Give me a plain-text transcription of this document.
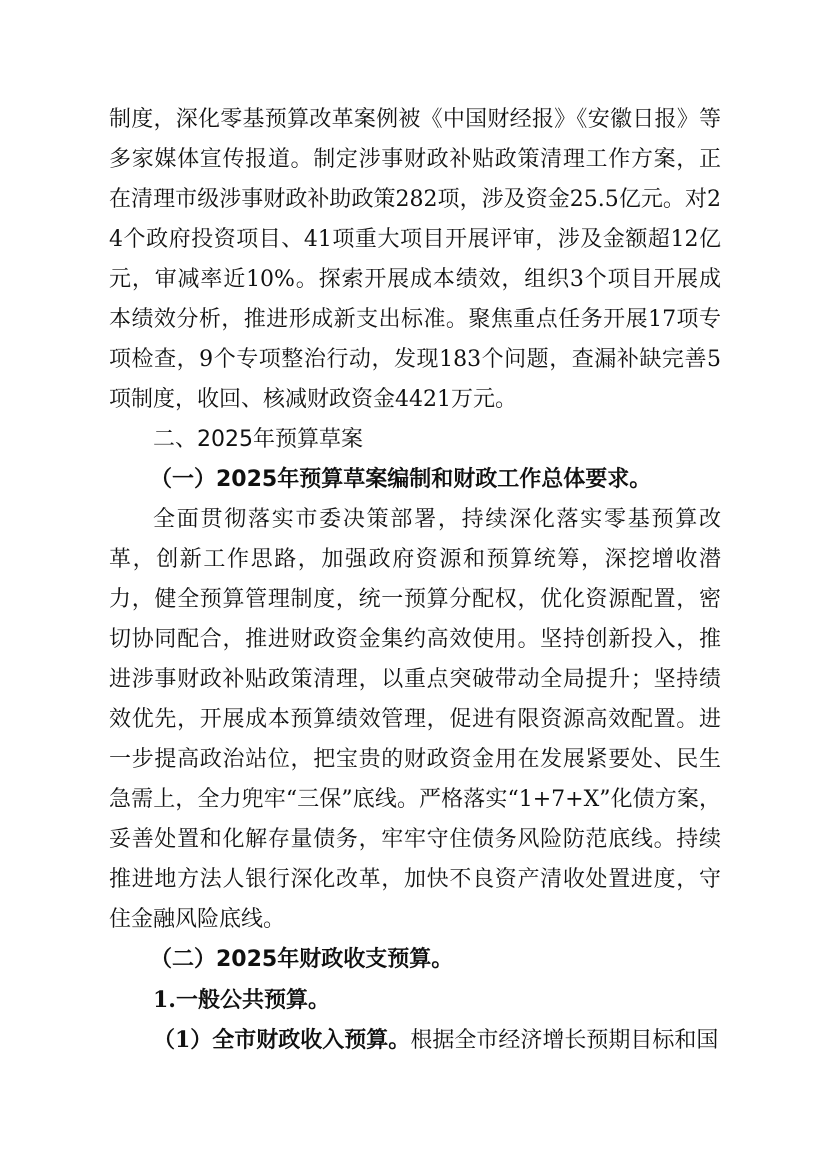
制度，深化零基预算改革案例被《中国财经报》《安徽日报》等多家媒体宣传报道。制定涉事财政补贴政策清理工作方案，正在清理市级涉事财政补助政策282项，涉及资金25.5亿元。对24个政府投资项目、41项重大项目开展评审，涉及金额超12亿元，审减率近10%。探索开展成本绩效，组织3个项目开展成本绩效分析，推进形成新支出标准。聚焦重点任务开展17项专项检查，9个专项整治行动，发现183个问题，查漏补缺完善5项制度，收回、核减财政资金4421万元。

二、2025年预算草案

（一）2025年预算草案编制和财政工作总体要求。

全面贯彻落实市委决策部署，持续深化落实零基预算改革，创新工作思路，加强政府资源和预算统筹，深挖增收潜力，健全预算管理制度，统一预算分配权，优化资源配置，密切协同配合，推进财政资金集约高效使用。坚持创新投入，推进涉事财政补贴政策清理，以重点突破带动全局提升；坚持绩效优先，开展成本预算绩效管理，促进有限资源高效配置。进一步提高政治站位，把宝贵的财政资金用在发展紧要处、民生急需上，全力兜牢“三保”底线。严格落实“1+7+X”化债方案，妥善处置和化解存量债务，牢牢守住债务风险防范底线。持续推进地方法人银行深化改革，加快不良资产清收处置进度，守住金融风险底线。

（二）2025年财政收支预算。

1.一般公共预算。

（1）全市财政收入预算。根据全市经济增长预期目标和国
